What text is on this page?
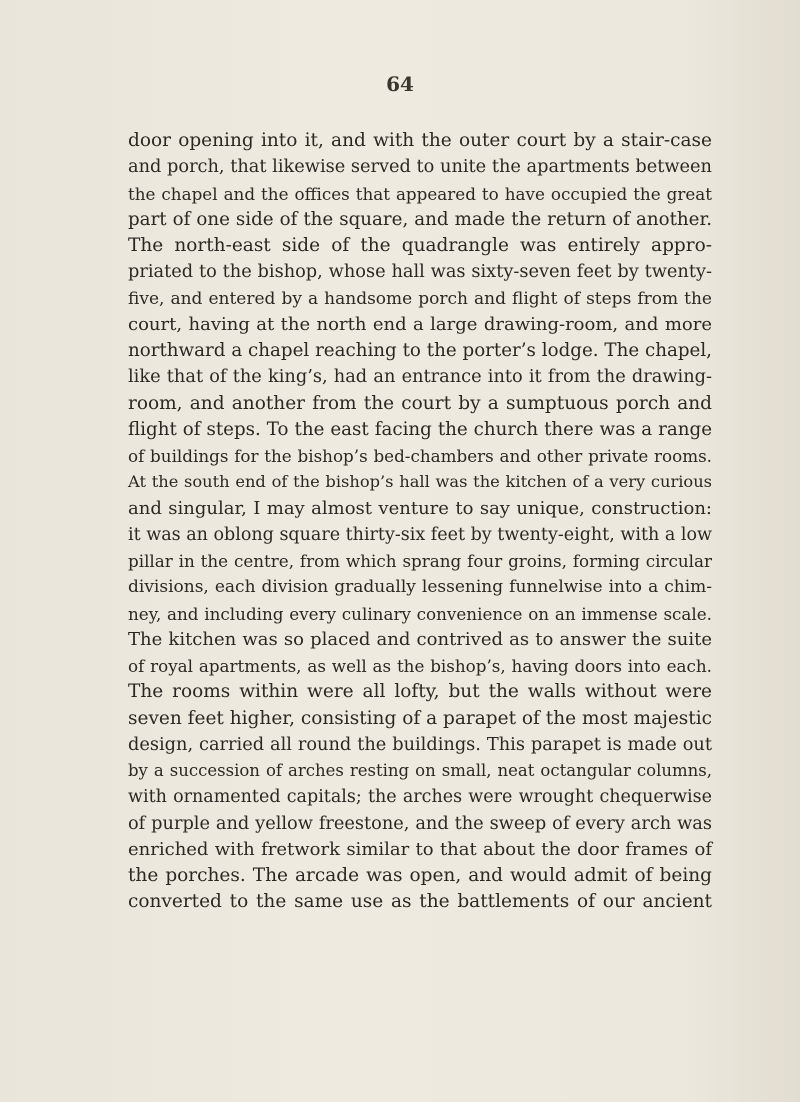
64
door opening into it, and with the outer court by a stair-case
and porch, that likewise served to unite the apartments between
the chapel and the offices that appeared to have occupied the great
part of one side of the square, and made the return of another.
The north-east side of the quadrangle was entirely appro-
priated to the bishop, whose hall was sixty-seven feet by twenty-
five, and entered by a handsome porch and flight of steps from the
court, having at the north end a large drawing-room, and more
northward a chapel reaching to the porter’s lodge. The chapel,
like that of the king’s, had an entrance into it from the drawing-
room, and another from the court by a sumptuous porch and
flight of steps. To the east facing the church there was a range
of buildings for the bishop’s bed-chambers and other private rooms.
At the south end of the bishop’s hall was the kitchen of a very curious
and singular, I may almost venture to say unique, construction:
it was an oblong square thirty-six feet by twenty-eight, with a low
pillar in the centre, from which sprang four groins, forming circular
divisions, each division gradually lessening funnelwise into a chim-
ney, and including every culinary convenience on an immense scale.
The kitchen was so placed and contrived as to answer the suite
of royal apartments, as well as the bishop’s, having doors into each.
The rooms within were all lofty, but the walls without were
seven feet higher, consisting of a parapet of the most majestic
design, carried all round the buildings. This parapet is made out
by a succession of arches resting on small, neat octangular columns,
with ornamented capitals; the arches were wrought chequerwise
of purple and yellow freestone, and the sweep of every arch was
enriched with fretwork similar to that about the door frames of
the porches. The arcade was open, and would admit of being
converted to the same use as the battlements of our ancient
